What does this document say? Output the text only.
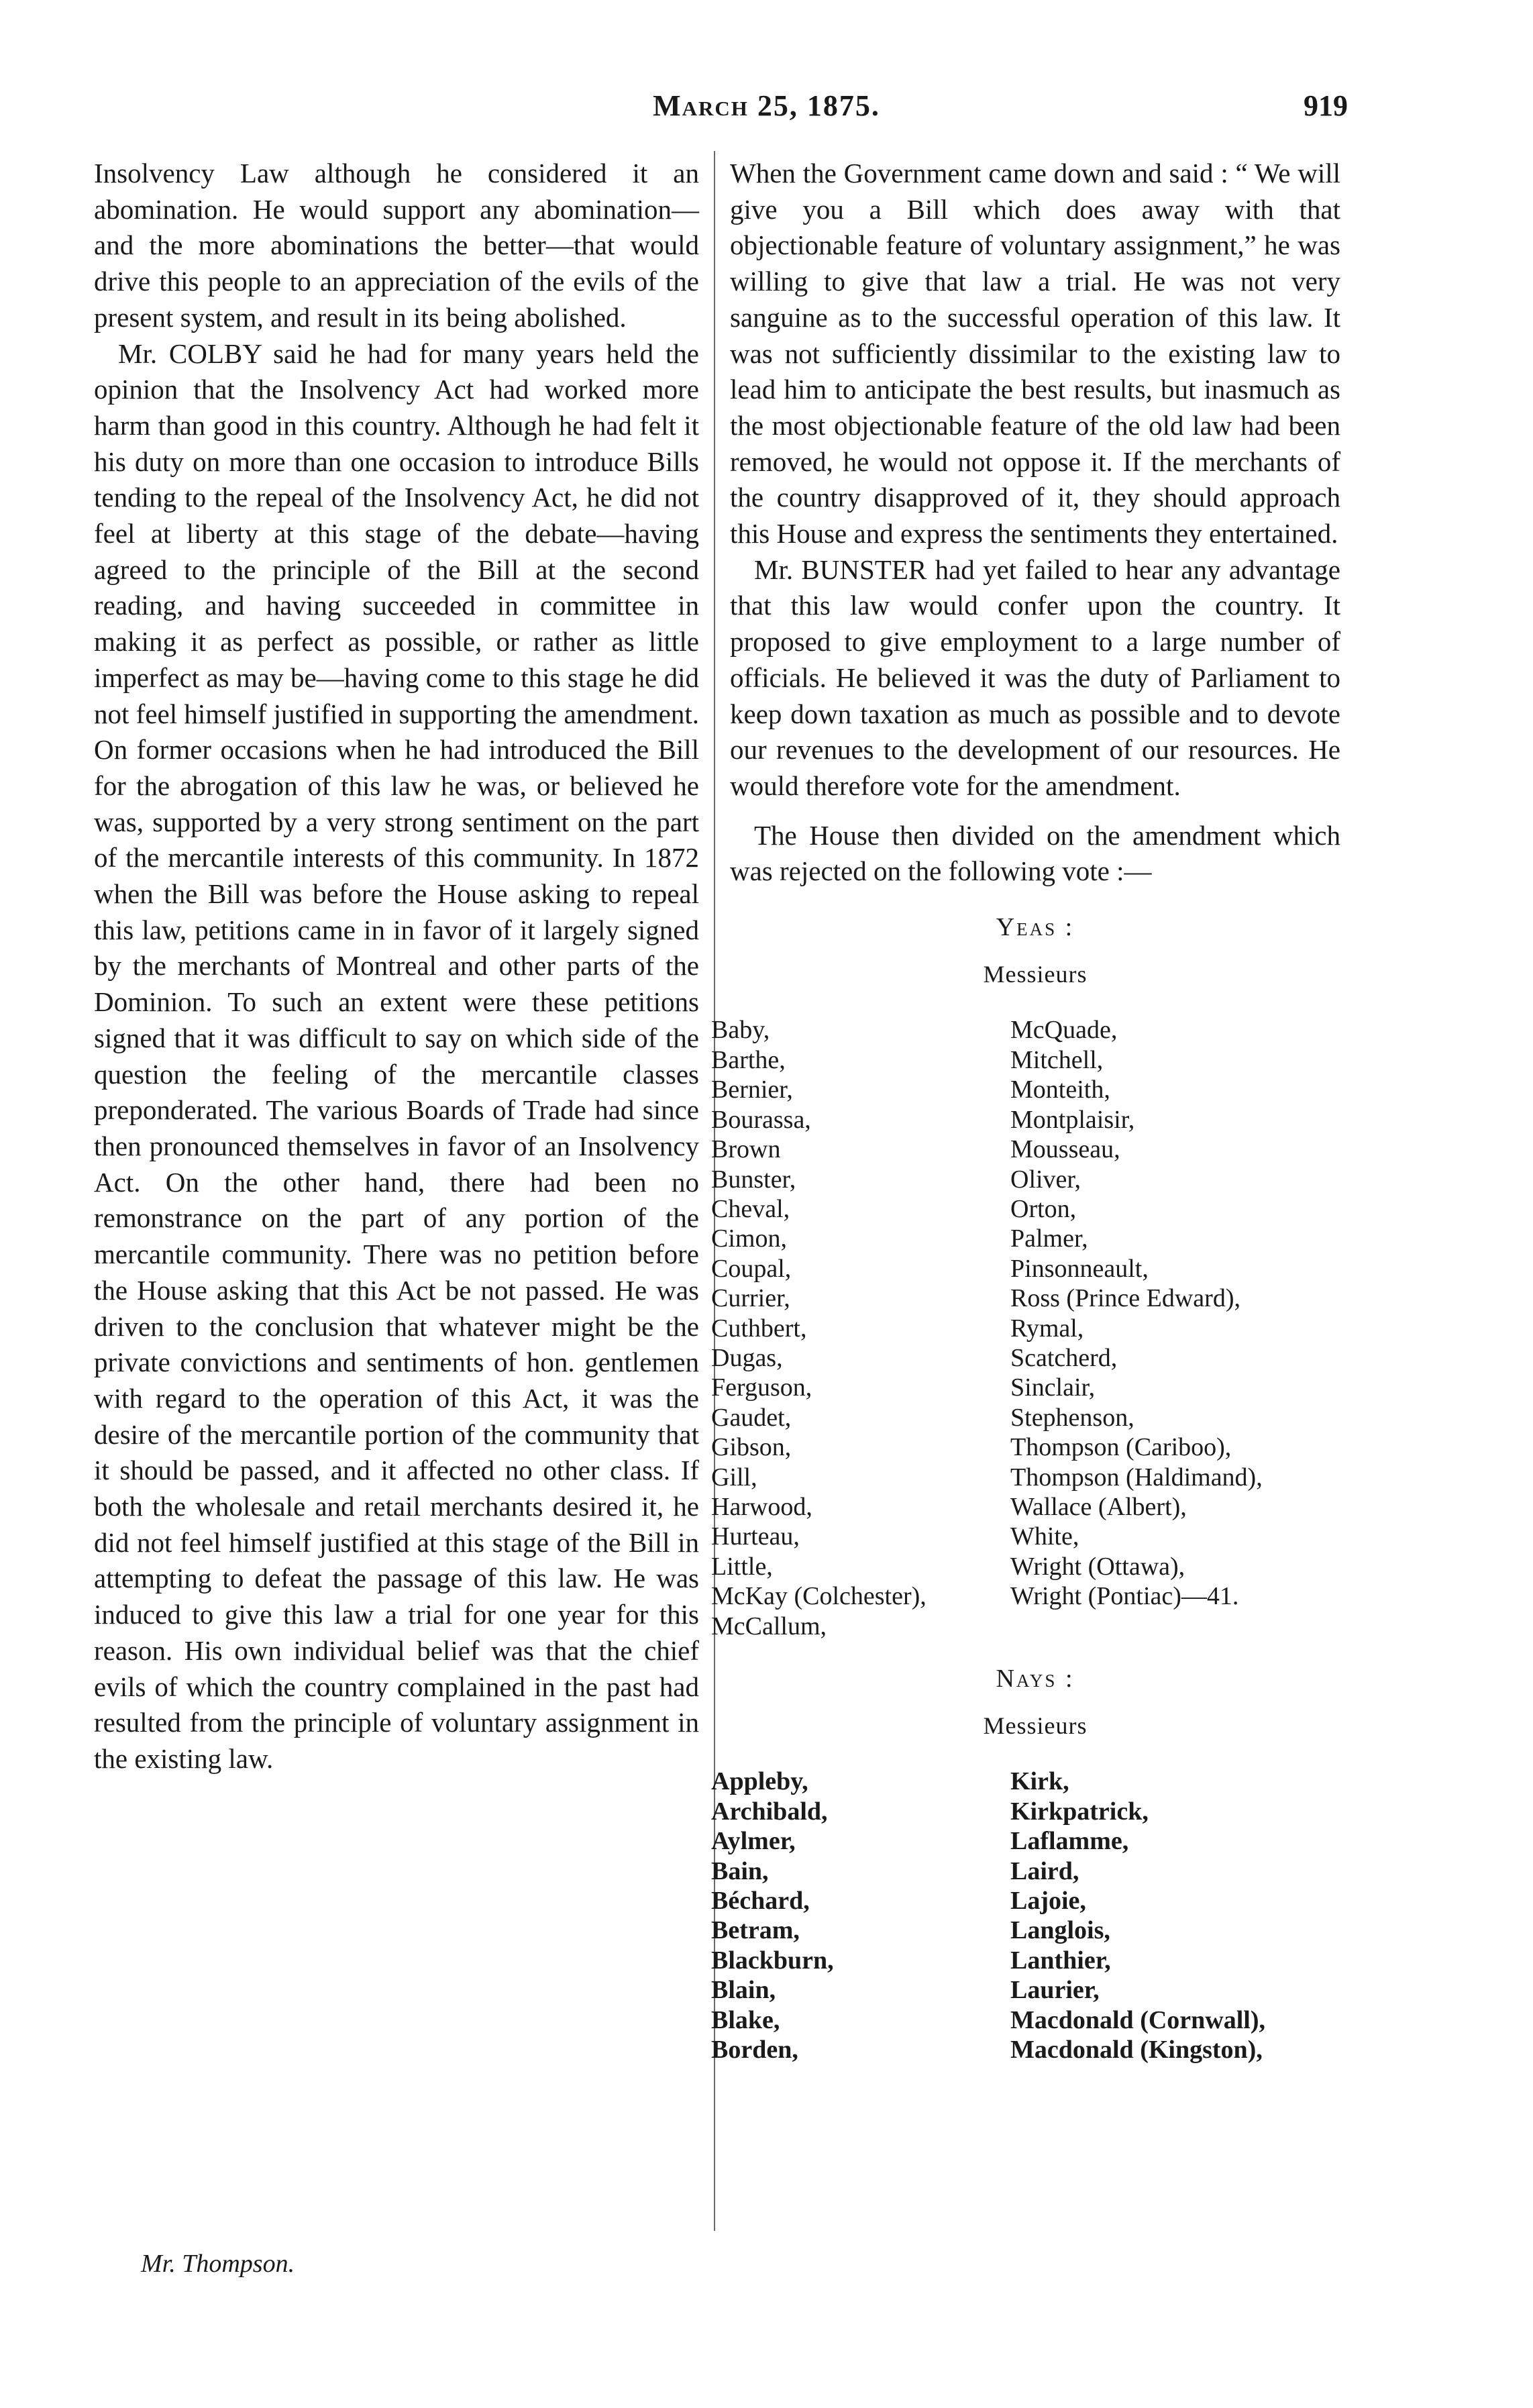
March 25, 1875.	919

Insolvency Law although he considered it an abomination. He would support any abomination—and the more abominations the better—that would drive this people to an appreciation of the evils of the present system, and result in its being abolished.

Mr. COLBY said he had for many years held the opinion that the Insolvency Act had worked more harm than good in this country. Although he had felt it his duty on more than one occasion to introduce Bills tending to the repeal of the Insolvency Act, he did not feel at liberty at this stage of the debate—having agreed to the principle of the Bill at the second reading, and having succeeded in committee in making it as perfect as possible, or rather as little imperfect as may be—having come to this stage he did not feel himself justified in supporting the amendment. On former occasions when he had introduced the Bill for the abrogation of this law he was, or believed he was, supported by a very strong sentiment on the part of the mercantile interests of this community. In 1872 when the Bill was before the House asking to repeal this law, petitions came in in favor of it largely signed by the merchants of Montreal and other parts of the Dominion. To such an extent were these petitions signed that it was difficult to say on which side of the question the feeling of the mercantile classes preponderated. The various Boards of Trade had since then pronounced themselves in favor of an Insolvency Act. On the other hand, there had been no remonstrance on the part of any portion of the mercantile community. There was no petition before the House asking that this Act be not passed. He was driven to the conclusion that whatever might be the private convictions and sentiments of hon. gentlemen with regard to the operation of this Act, it was the desire of the mercantile portion of the community that it should be passed, and it affected no other class. If both the wholesale and retail merchants desired it, he did not feel himself justified at this stage of the Bill in attempting to defeat the passage of this law. He was induced to give this law a trial for one year for this reason. His own individual belief was that the chief evils of which the country complained in the past had resulted from the principle of voluntary assignment in the existing law.

When the Government came down and said : “ We will give you a Bill which does away with that objectionable feature of voluntary assignment,” he was willing to give that law a trial. He was not very sanguine as to the successful operation of this law. It was not sufficiently dissimilar to the existing law to lead him to anticipate the best results, but inasmuch as the most objectionable feature of the old law had been removed, he would not oppose it. If the merchants of the country disapproved of it, they should approach this House and express the sentiments they entertained.

Mr. BUNSTER had yet failed to hear any advantage that this law would confer upon the country. It proposed to give employment to a large number of officials. He believed it was the duty of Parliament to keep down taxation as much as possible and to devote our revenues to the development of our resources. He would therefore vote for the amendment.

The House then divided on the amendment which was rejected on the following vote :—

Yeas :
Messieurs
Baby,
Barthe,
Bernier,
Bourassa,
Brown
Bunster,
Cheval,
Cimon,
Coupal,
Currier,
Cuthbert,
Dugas,
Ferguson,
Gaudet,
Gibson,
Gill,
Harwood,
Hurteau,
Little,
McKay (Colchester),
McCallum,
McQuade,
Mitchell,
Monteith,
Montplaisir,
Mousseau,
Oliver,
Orton,
Palmer,
Pinsonneault,
Ross (Prince Edward),
Rymal,
Scatcherd,
Sinclair,
Stephenson,
Thompson (Cariboo),
Thompson (Haldimand),
Wallace (Albert),
White,
Wright (Ottawa),
Wright (Pontiac)—41.
Nays :
Messieurs
Appleby,
Archibald,
Aylmer,
Bain,
Béchard,
Betram,
Blackburn,
Blain,
Blake,
Borden,
Kirk,
Kirkpatrick,
Laflamme,
Laird,
Lajoie,
Langlois,
Lanthier,
Laurier,
Macdonald (Cornwall),
Macdonald (Kingston),
Mr. Thompson.
